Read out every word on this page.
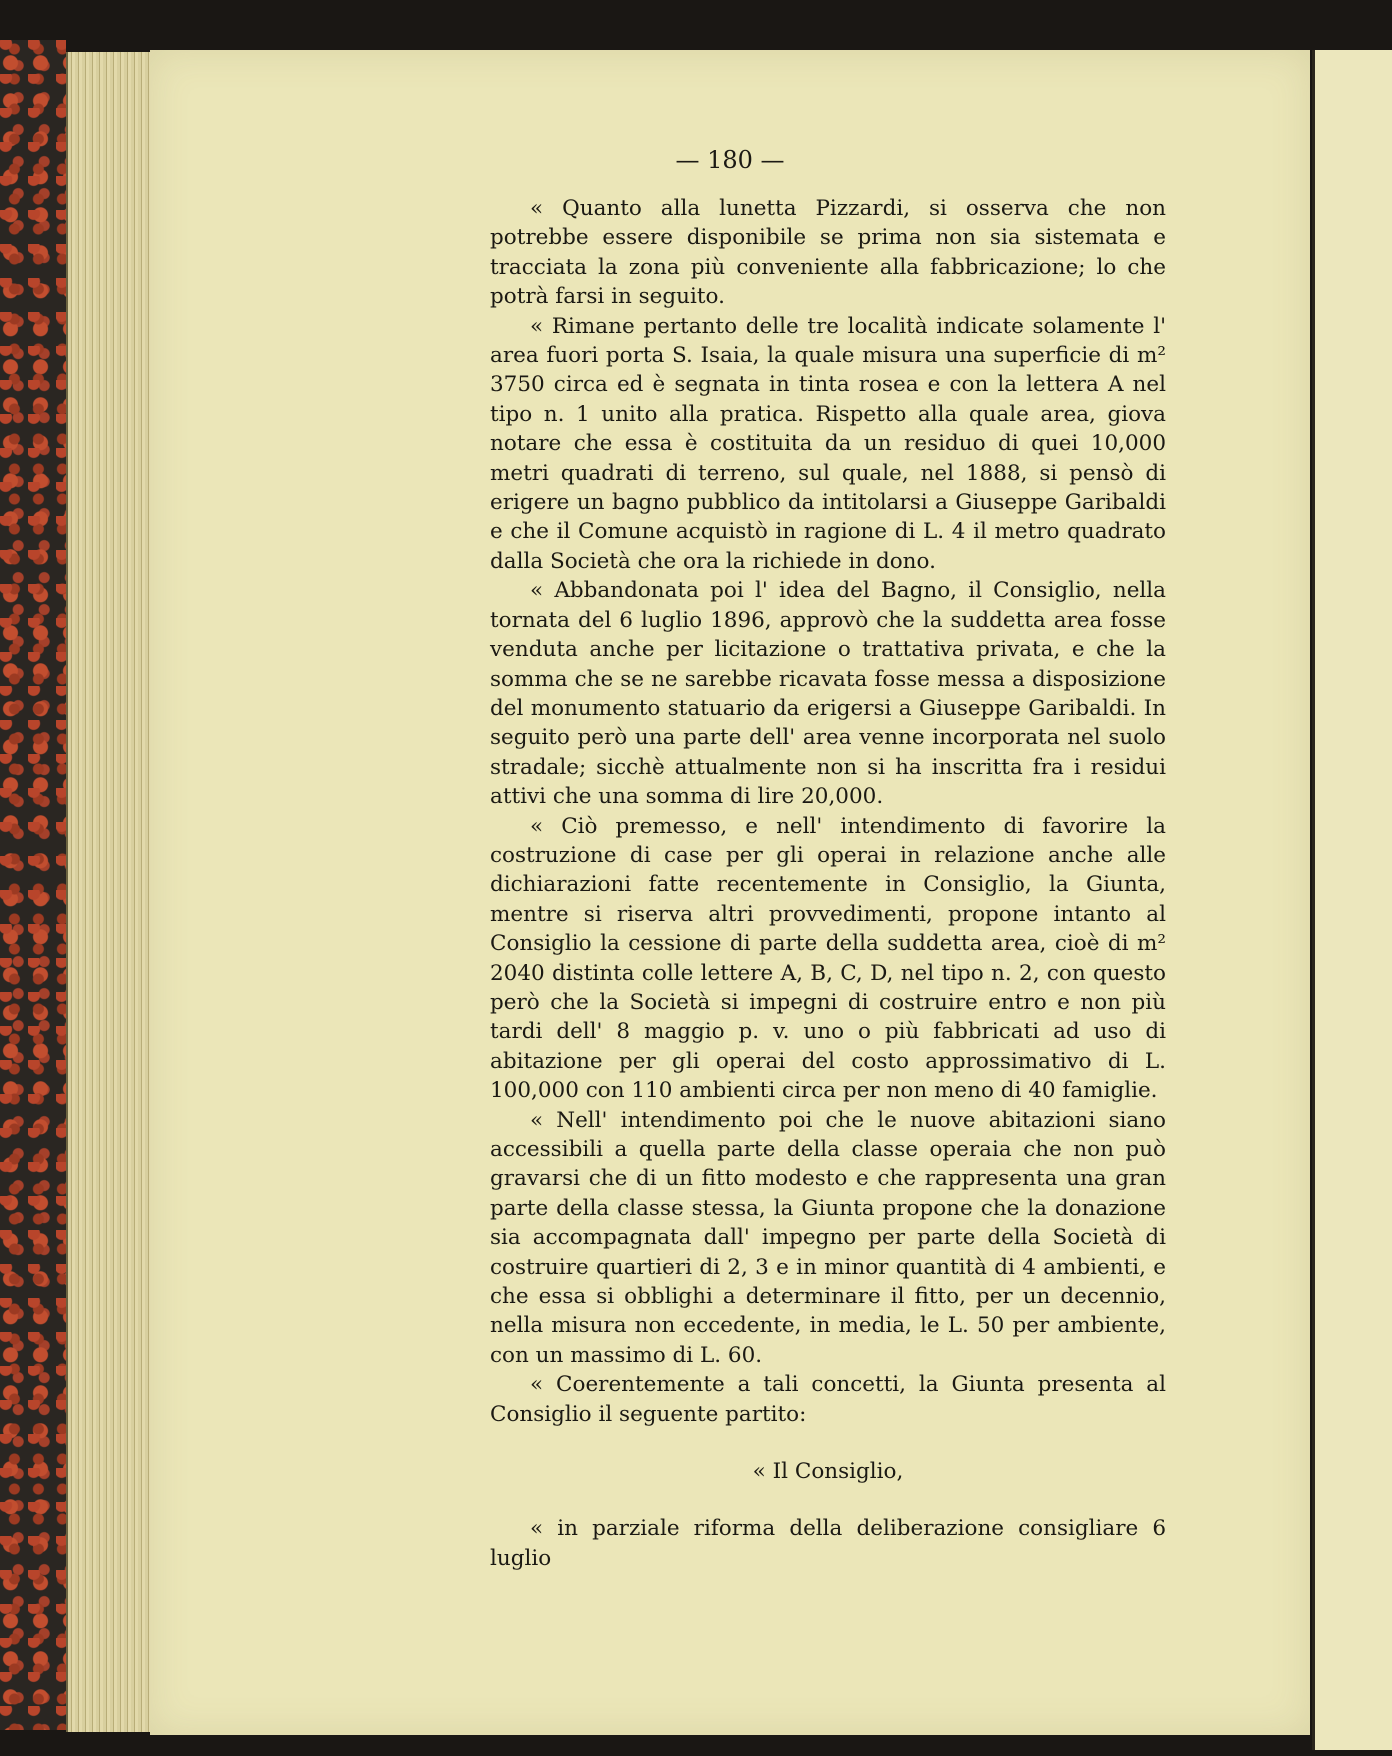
— 180 —

« Quanto alla lunetta Pizzardi, si osserva che non potrebbe essere disponibile se prima non sia sistemata e tracciata la zona più conveniente alla fabbricazione; lo che potrà farsi in seguito.

« Rimane pertanto delle tre località indicate solamente l' area fuori porta S. Isaia, la quale misura una superficie di m² 3750 circa ed è segnata in tinta rosea e con la lettera A nel tipo n. 1 unito alla pratica. Rispetto alla quale area, giova notare che essa è costituita da un residuo di quei 10,000 metri quadrati di terreno, sul quale, nel 1888, si pensò di erigere un bagno pubblico da intitolarsi a Giuseppe Garibaldi e che il Comune acquistò in ragione di L. 4 il metro quadrato dalla Società che ora la richiede in dono.

« Abbandonata poi l' idea del Bagno, il Consiglio, nella tornata del 6 luglio 1896, approvò che la suddetta area fosse venduta anche per licitazione o trattativa privata, e che la somma che se ne sarebbe ricavata fosse messa a disposizione del monumento statuario da erigersi a Giuseppe Garibaldi. In seguito però una parte dell' area venne incorporata nel suolo stradale; sicchè attualmente non si ha inscritta fra i residui attivi che una somma di lire 20,000.

« Ciò premesso, e nell' intendimento di favorire la costruzione di case per gli operai in relazione anche alle dichiarazioni fatte recentemente in Consiglio, la Giunta, mentre si riserva altri provvedimenti, propone intanto al Consiglio la cessione di parte della suddetta area, cioè di m² 2040 distinta colle lettere A, B, C, D, nel tipo n. 2, con questo però che la Società si impegni di costruire entro e non più tardi dell' 8 maggio p. v. uno o più fabbricati ad uso di abitazione per gli operai del costo approssimativo di L. 100,000 con 110 ambienti circa per non meno di 40 famiglie.

« Nell' intendimento poi che le nuove abitazioni siano accessibili a quella parte della classe operaia che non può gravarsi che di un fitto modesto e che rappresenta una gran parte della classe stessa, la Giunta propone che la donazione sia accompagnata dall' impegno per parte della Società di costruire quartieri di 2, 3 e in minor quantità di 4 ambienti, e che essa si obblighi a determinare il fitto, per un decennio, nella misura non eccedente, in media, le L. 50 per ambiente, con un massimo di L. 60.

« Coerentemente a tali concetti, la Giunta presenta al Consiglio il seguente partito:

« Il Consiglio,

« in parziale riforma della deliberazione consigliare 6 luglio
